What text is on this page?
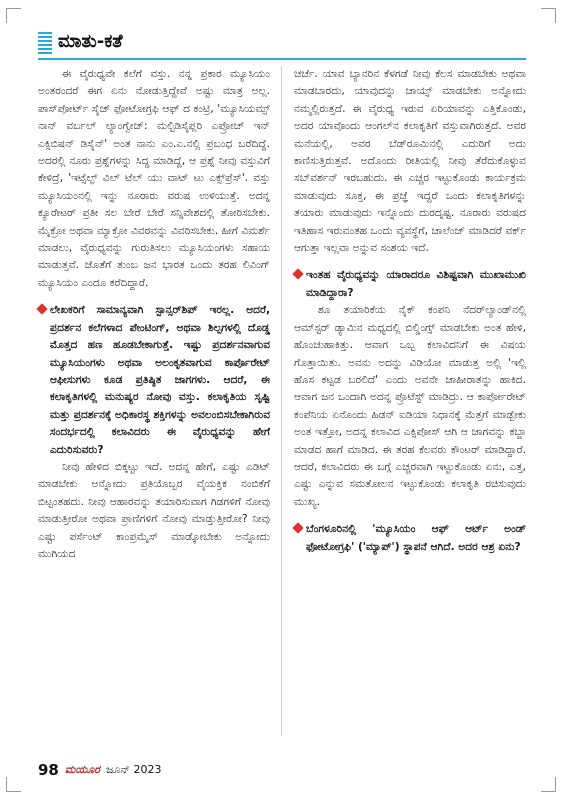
ಮಾತು-ಕತೆ

ಈ ವೈರುಧ್ಯವೇ ಕಲೆಗೆ ವಸ್ತು. ನನ್ನ ಪ್ರಕಾರ ಮ್ಯೂಸಿಯಂ ಅಂತರಂದರೆ ಈಗ ಏನು ನೋಡುತ್ತಿದ್ದೇವೆ ಅಷ್ಟು ಮಾತ್ರ ಅಲ್ಲ. ಪಾಸ್‌ಪೋರ್ಟ್ ಸೈಜ್ ಫೋಟೋಗ್ರಫಿ ಆಫ್ ದ ಕಂಟ್ರಿ, 'ಮ್ಯೂಸಿಯಮ್ಸ್ ನಾನ್ ವರ್ಬಲ್ ಲ್ಯಾಂಗ್ವೇಜ್: ಮಲ್ಟಿಡಿಸೈಪ್ಲರಿ ಎಪ್ರೋಚ್ ಇನ್ ಎಕ್ಸಿಬಿಷನ್ ಡಿಸೈನ್' ಅಂತ ನಾನು ಎಂ.ಎ.ನಲ್ಲಿ ಪ್ರಬಂಧ ಬರೆದಿದ್ದೆ. ಅದರಲ್ಲಿ ನೂರು ಪ್ರಶ್ನೆಗಳನ್ನು ಸಿದ್ಧ ಮಾಡಿದ್ದೆ, ಆ ಪ್ರಶ್ನೆ ನೀವು ವಸ್ತುವಿಗೆ ಕೇಳಿದ್ರೆ, 'ಇಟ್ಸೆಲ್ಫ್ ವಿಲ್ ಟೆಲ್ ಯು ವಾಟ್ ಟು ಎಕ್ಸ್‌ಪ್ರೆಸ್'. ವಸ್ತು ಮ್ಯೂಸಿಯಂನಲ್ಲಿ ಇನ್ನು ನೂರಾರು ವರುಷ ಉಳಿಯುತ್ತೆ. ಅದನ್ನ ಕ್ಯೂರೇಟರ್ ಪ್ರತೀ ಸಲ ಬೇರೆ ಬೇರೆ ಸನ್ನಿವೇಶದಲ್ಲಿ ತೋರಿಸಬೇಕು. ಮೈಕ್ರೋ ಅಥವಾ ಮ್ಯಾಕ್ರೋ ವಿವರವನ್ನು ವಿವರಿಸಬೇಕು. ಹೀಗೆ ವಿಮರ್ಶೆ ಮಾಡಲು, ವೈರುಧ್ಯವನ್ನು ಗುರುತಿಸಲು ಮ್ಯೂಸಿಯಂಗಳು ಸಹಾಯ ಮಾಡುತ್ತವೆ. ಜೊತೆಗೆ ತುಂಬ ಜನ ಭಾರತ ಒಂದು ತರಹ ಲಿವಿಂಗ್ ಮ್ಯೂಸಿಯಂ ಎಂದೂ ಕರೆದಿದ್ದಾರೆ.

ಲೇಖಕರಿಗೆ ಸಾಮಾನ್ಯವಾಗಿ ಸ್ಪಾನ್ಸರ್‌ಶಿಪ್ ಇರಲ್ಲ. ಆದರೆ, ಪ್ರದರ್ಶನ ಕಲೆಗಳಾದ ಪೇಂಟಿಂಗ್, ಅಥವಾ ಶಿಲ್ಪಗಳಲ್ಲಿ ದೊಡ್ಡ ಮೊತ್ತದ ಹಣ ಹೂಡಬೇಕಾಗುತ್ತೆ. ಇಷ್ಟು ಪ್ರದರ್ಶನವಾಗುವ ಮ್ಯೂಸಿಯಂಗಳು ಅಥವಾ ಅಲಂಕೃತವಾಗುವ ಕಾರ್ಪೊರೇಟ್ ಆಫೀಸುಗಳು ಕೂಡ ಪ್ರತಿಷ್ಠಿತ ಜಾಗಗಳು. ಆದರೆ, ಈ ಕಲಾಕೃತಿಗಳಲ್ಲಿ ಮನುಷ್ಯರ ನೋವು ವಸ್ತು. ಕಲಾಕೃತಿಯ ಸೃಷ್ಟಿ ಮತ್ತು ಪ್ರದರ್ಶನಕ್ಕೆ ಅಧಿಕಾರಸ್ಥ ಶಕ್ತಿಗಳನ್ನು ಅವಲಂಬಿಸಬೇಕಾಗಿರುವ ಸಂದರ್ಭದಲ್ಲಿ ಕಲಾವಿದರು ಈ ವೈರುಧ್ಯವನ್ನು ಹೇಗೆ ಎದುರಿಸುವರು?

ನೀವು ಹೇಳಿದ ಬಿಕ್ಕಟ್ಟು ಇದೆ. ಅದನ್ನ ಹೇಗೆ, ಎಷ್ಟು ಎಡಿಟ್ ಮಾಡಬೇಕು ಅನ್ನೋದು ಪ್ರತಿಯೊಬ್ಬರ ವೈಯಕ್ತಿಕ ನಂಬಿಕೆಗೆ ಬಿಟ್ಟಂತಹದು. ನೀವು ಆಹಾರವನ್ನು ತಯಾರಿಸುವಾಗ ಗಿಡಗಳಿಗೆ ನೋವು ಮಾಡುತ್ತೀರೋ ಅಥವಾ ಪ್ರಾಣಿಗಳಿಗೆ ನೋವು ಮಾಡ್ತುತ್ತೀರೋ? ನೀವು ಎಷ್ಟು ಪರ್ಸೆಂಟ್ ಕಾಂಪ್ರಮೈಸ್ ಮಾಡ್ಕೋಬೇಕು ಅನ್ನೋದು ಮುಗಿಯದ

ಚರ್ಚೆ. ಯಾವ ಬ್ಯಾನರಿನ ಕೆಳಗಡೆ ನೀವು ಕೆಲಸ ಮಾಡಬೇಕು ಅಥವಾ ಮಾಡಬಾರದು, ಯಾವುದನ್ನು ಚಾಯ್ಸ್ ಮಾಡಬೇಕು ಅನ್ನೋದು ನಮ್ಮಲ್ಲಿರುತ್ತದೆ. ಈ ವೈರುಧ್ಯ ಇರುವ ಏರಿಯಾವನ್ನು ಎತ್ತಿಕೊಂಡು, ಅದರ ಯಾವೊಂದು ಆಂಗಲ್‌ನ ಕಲಾಕೃತಿಗೆ ವಸ್ತುವಾಗಿರುತ್ತದೆ. ಅವರ ಮನೆಯಲ್ಲಿ, ಅವರ ಬೆಡ್‌ರೂಮಿನಲ್ಲಿ ಎದುರಿಗೆ ಅದು ಕಾಣಿಸುತ್ತಿರುತ್ತವೆ. ಅದೊಂದು ರೀತಿಯಲ್ಲಿ ನೀವು ತೆರೆದುಕೊಳ್ಳುವ ಸಬ್‌ವರ್ಶನ್ ಇರಬಹುದು. ಈ ಎಚ್ಚರ ಇಟ್ಟುಕೊಂಡು ಕಾರ್ಯಕ್ರಮ ಮಾಡುವುದು ಸೂಕ್ತ, ಈ ಪ್ರಜ್ಞೆ ಇದ್ದರೆ ಒಂದು ಕಲಾಕೃತಿಗಳನ್ನು ತಯಾರು ಮಾಡುವುದು ಇನ್ನೊಂದು ದುರದೃಷ್ಟ. ನೂರಾರು ವರುಷದ ಇತಿಹಾಸ ಇರುವಂತಹ ಒಂದು ವ್ಯವಸ್ಥೆಗೆ, ಚಾಲೆಂಜ್ ಮಾಡಿದರೆ ವರ್ಕ್ ಆಗುತ್ತಾ ಇಲ್ಲವಾ ಅನ್ನುವ ಸಂಶಯ ಇದೆ.

ಇಂತಹ ವೈರುಧ್ಯವನ್ನು ಯಾರಾದರೂ ವಿಶಿಷ್ಟವಾಗಿ ಮುಖಾಮುಖಿ ಮಾಡಿದ್ದಾರಾ?

ಶೂ ತಯಾರಿಕೆಯ ನೈಕ್ ಕಂಪನಿ ನೆದರ್‌ಲ್ಯಾಂಡ್‌ನಲ್ಲಿ ಆಮ್‌ಸ್ಟರ್ ಡ್ಯಾಮಿನ ಮಧ್ಯದಲ್ಲಿ ಬಿಲ್ಡಿಂಗ್ಸ್ ಮಾಡಬೇಕು ಅಂತ ಹೇಳಿ, ಹೊಂಚುಹಾಕಿತ್ತು. ಆವಾಗ ಒಬ್ಬ ಕಲಾವಿದನಿಗೆ ಈ ವಿಷಯ ಗೊತ್ತಾಯಿತು. ಅವನು ಅದನ್ನು ವಿಡಿಯೋ ಮಾಡುತ್ತ ಅಲ್ಲಿ 'ಇಲ್ಲಿ ಹೊಸ ಕಟ್ಟಡ ಬರಲಿದೆ' ಎಂದು ಅವನೇ ಜಾಹೀರಾತನ್ನು ಹಾಕಿದ. ಆವಾಗ ಜನ ಒಂದಾಗಿ ಅದನ್ನ ಪ್ರೊಟೆಸ್ಟ್ ಮಾಡಿದ್ರು. ಆ ಕಾರ್ಪೋರೇಟ್ ಕಂಪೆನಿಯ ಏನೊಂದು ಹಿಡನ್ ಐಡಿಯಾ ನಿಧಾನಕ್ಕೆ ಮೆತ್ತಗೆ ಮಾಡ್ಬೇಕು ಅಂತ ಇತ್ತೋ, ಅದನ್ನ ಕಲಾವಿದ ಎಕ್ಸಿಪೋಸ್ ಆಗಿ ಆ ಜಾಗವನ್ನು ಕಬ್ಜಾ ಮಾಡದ ಹಾಗೆ ಮಾಡಿದ. ಈ ತರಹ ಕೆಲವರು ಕೌಂಟರ್ ಮಾಡಿದ್ದಾರೆ. ಆದರೆ, ಕಲಾವಿದರು ಈ ಬಗ್ಗೆ ಎಚ್ಚರವಾಗಿ ಇಟ್ಟುಕೊಂಡು ಏನು, ಎತ್ತ, ಎಷ್ಟು ಎನ್ನುವ ಸಮತೋಲನ ಇಟ್ಟುಕೊಂಡು ಕಲಾಕೃತಿ ರಚಿಸುವುದು ಮುಖ್ಯ.

ಬೆಂಗಳೂರಿನಲ್ಲಿ 'ಮ್ಯೂಸಿಯಂ ಆಫ್ ಆರ್ಟ್ ಅಂಡ್ ಫೋಟೋಗ್ರಫಿ' ('ಮ್ಯಾಪ್') ಸ್ಥಾಪನೆ ಆಗಿದೆ. ಅದರ ಆಶ್ರ ಏನು?

98 ಮಯೂರ ಜೂನ್ 2023
